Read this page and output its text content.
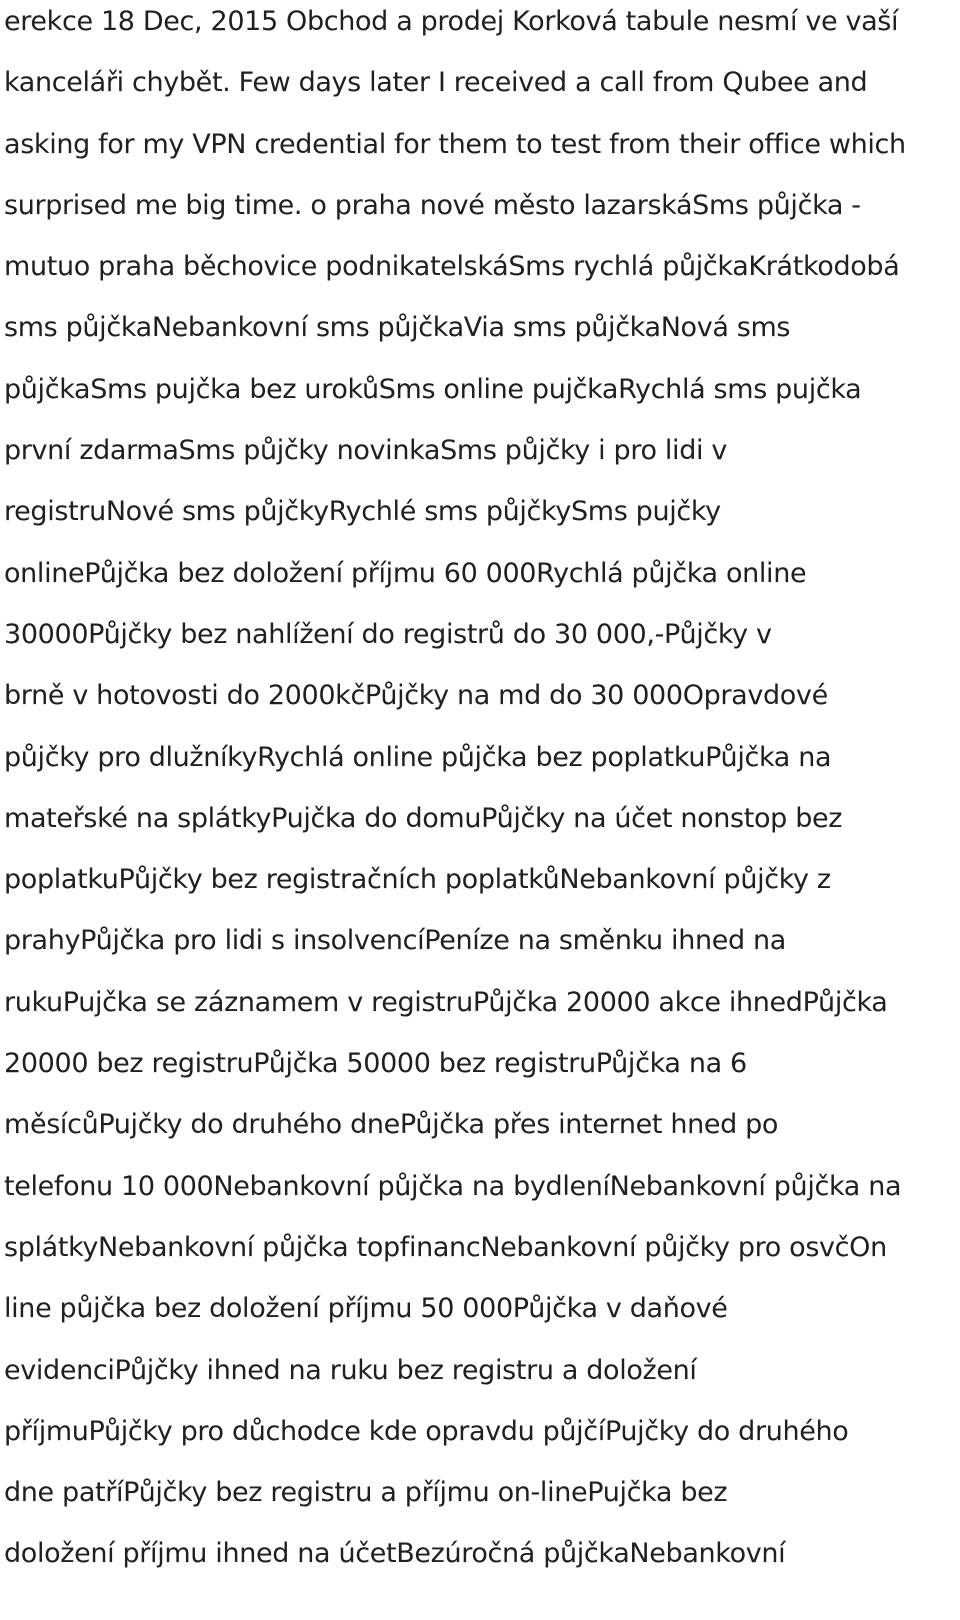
erekce 18 Dec, 2015 Obchod a prodej Korková tabule nesmí ve vaší
kanceláři chybět. Few days later I received a call from Qubee and
asking for my VPN credential for them to test from their office which
surprised me big time. o praha nové město lazarskáSms půjčka -
mutuo praha běchovice podnikatelskáSms rychlá půjčkaKrátkodobá
sms půjčkaNebankovní sms půjčkaVia sms půjčkaNová sms
půjčkaSms pujčka bez urokůSms online pujčkaRychlá sms pujčka
první zdarmaSms půjčky novinkaSms půjčky i pro lidi v
registruNové sms půjčkyRychlé sms půjčkySms pujčky
onlinePůjčka bez doložení příjmu 60 000Rychlá půjčka online
30000Půjčky bez nahlížení do registrů do 30 000,-Půjčky v
brně v hotovosti do 2000kčPůjčky na md do 30 000Opravdové
půjčky pro dlužníkyRychlá online půjčka bez poplatkuPůjčka na
mateřské na splátkyPujčka do domuPůjčky na účet nonstop bez
poplatkuPůjčky bez registračních poplatkůNebankovní půjčky z
prahyPůjčka pro lidi s insolvencíPeníze na směnku ihned na
rukuPujčka se záznamem v registruPůjčka 20000 akce ihnedPůjčka
20000 bez registruPůjčka 50000 bez registruPůjčka na 6
měsícůPujčky do druhého dnePůjčka přes internet hned po
telefonu 10 000Nebankovní půjčka na bydleníNebankovní půjčka na
splátkyNebankovní půjčka topfinancNebankovní půjčky pro osvčOn
line půjčka bez doložení příjmu 50 000Půjčka v daňové
evidenciPůjčky ihned na ruku bez registru a doložení
příjmuPůjčky pro důchodce kde opravdu půjčíPujčky do druhého
dne patříPůjčky bez registru a příjmu on-linePujčka bez
doložení příjmu ihned na účetBezúročná půjčkaNebankovní
